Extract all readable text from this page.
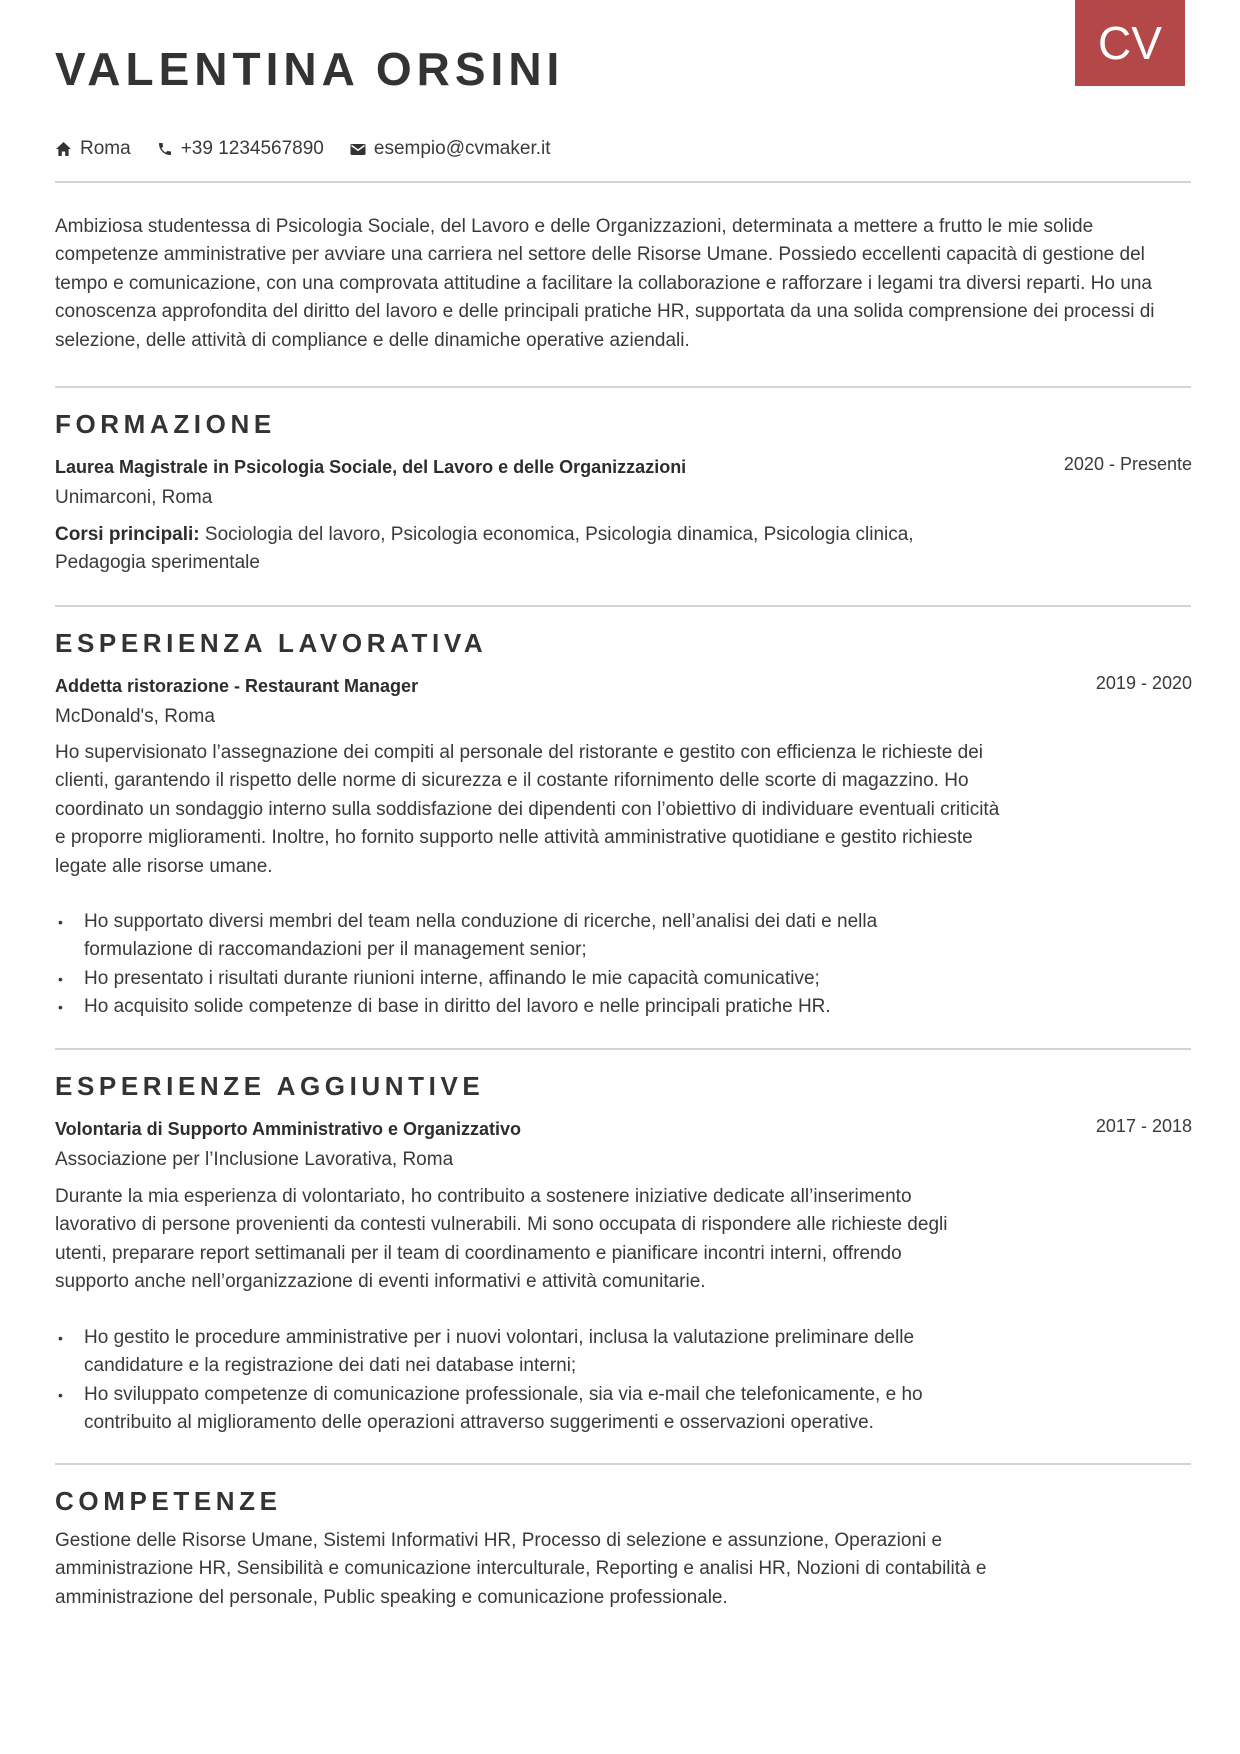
CV
VALENTINA ORSINI
Roma	+39 1234567890	esempio@cvmaker.it

Ambiziosa studentessa di Psicologia Sociale, del Lavoro e delle Organizzazioni, determinata a mettere a frutto le mie solide competenze amministrative per avviare una carriera nel settore delle Risorse Umane. Possiedo eccellenti capacità di gestione del tempo e comunicazione, con una comprovata attitudine a facilitare la collaborazione e rafforzare i legami tra diversi reparti. Ho una conoscenza approfondita del diritto del lavoro e delle principali pratiche HR, supportata da una solida comprensione dei processi di selezione, delle attività di compliance e delle dinamiche operative aziendali.

FORMAZIONE
Laurea Magistrale in Psicologia Sociale, del Lavoro e delle Organizzazioni	2020 - Presente
Unimarconi, Roma

Corsi principali: Sociologia del lavoro, Psicologia economica, Psicologia dinamica, Psicologia clinica, Pedagogia sperimentale

ESPERIENZA LAVORATIVA
Addetta ristorazione - Restaurant Manager	2019 - 2020
McDonald's, Roma

Ho supervisionato l’assegnazione dei compiti al personale del ristorante e gestito con efficienza le richieste dei clienti, garantendo il rispetto delle norme di sicurezza e il costante rifornimento delle scorte di magazzino. Ho coordinato un sondaggio interno sulla soddisfazione dei dipendenti con l’obiettivo di individuare eventuali criticità e proporre miglioramenti. Inoltre, ho fornito supporto nelle attività amministrative quotidiane e gestito richieste legate alle risorse umane.

• Ho supportato diversi membri del team nella conduzione di ricerche, nell’analisi dei dati e nella formulazione di raccomandazioni per il management senior;
• Ho presentato i risultati durante riunioni interne, affinando le mie capacità comunicative;
• Ho acquisito solide competenze di base in diritto del lavoro e nelle principali pratiche HR.
ESPERIENZE AGGIUNTIVE
Volontaria di Supporto Amministrativo e Organizzativo	2017 - 2018
Associazione per l’Inclusione Lavorativa, Roma

Durante la mia esperienza di volontariato, ho contribuito a sostenere iniziative dedicate all’inserimento lavorativo di persone provenienti da contesti vulnerabili. Mi sono occupata di rispondere alle richieste degli utenti, preparare report settimanali per il team di coordinamento e pianificare incontri interni, offrendo supporto anche nell’organizzazione di eventi informativi e attività comunitarie.

• Ho gestito le procedure amministrative per i nuovi volontari, inclusa la valutazione preliminare delle candidature e la registrazione dei dati nei database interni;
• Ho sviluppato competenze di comunicazione professionale, sia via e-mail che telefonicamente, e ho contribuito al miglioramento delle operazioni attraverso suggerimenti e osservazioni operative.
COMPETENZE

Gestione delle Risorse Umane, Sistemi Informativi HR, Processo di selezione e assunzione, Operazioni e amministrazione HR, Sensibilità e comunicazione interculturale, Reporting e analisi HR, Nozioni di contabilità e amministrazione del personale, Public speaking e comunicazione professionale.
